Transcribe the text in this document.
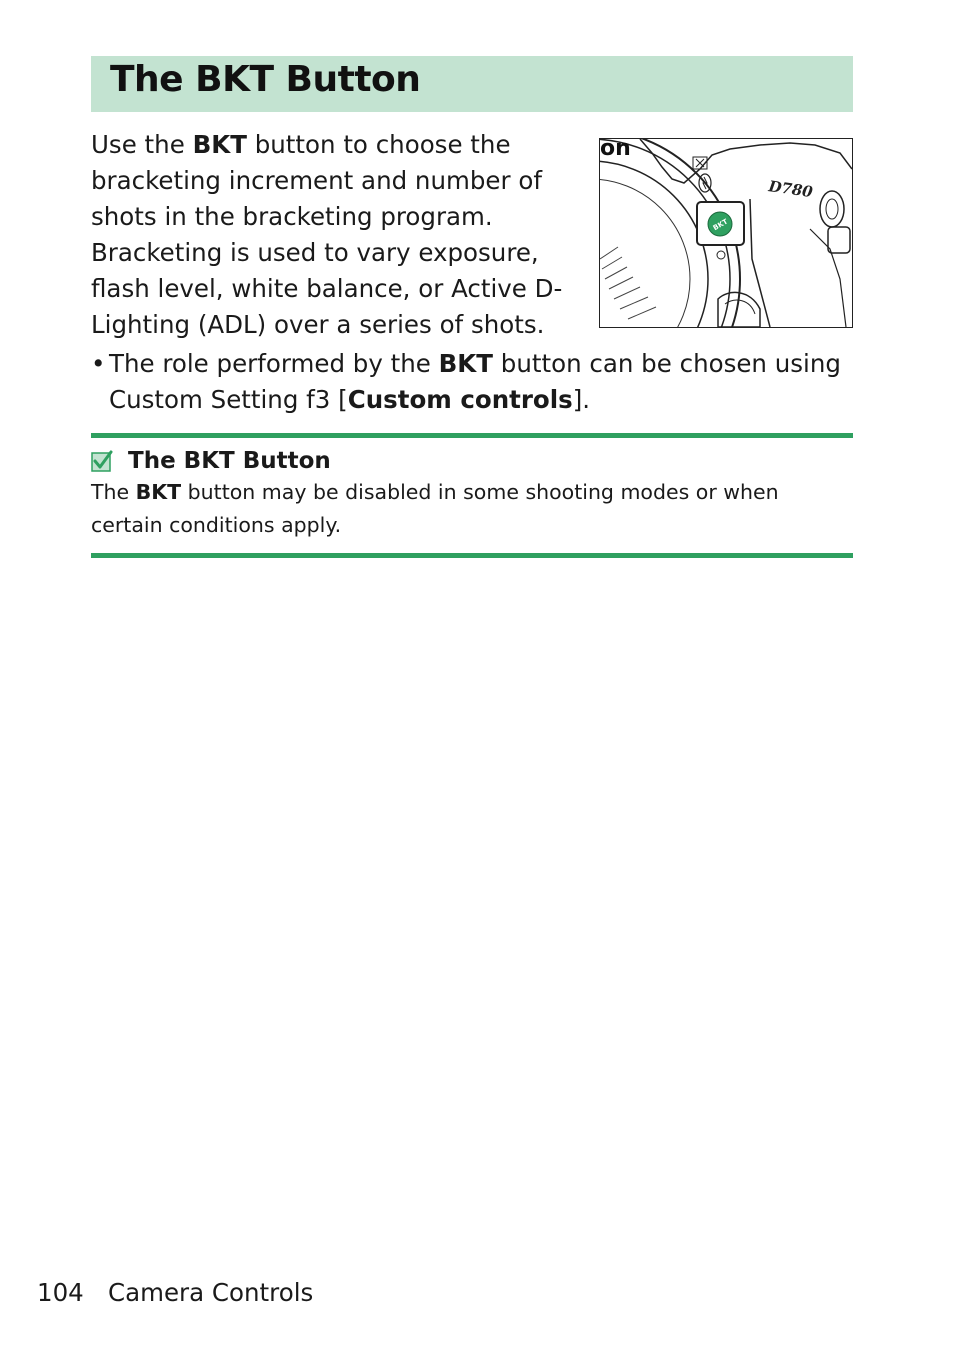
The BKT Button

Use the BKT button to choose the bracketing increment and number of shots in the bracketing program. Bracketing is used to vary exposure, flash level, white balance, or Active D-Lighting (ADL) over a series of shots.

on
D780
BKT
• The role performed by the BKT button can be chosen using Custom Setting f3 [Custom controls].
The BKT Button
The BKT button may be disabled in some shooting modes or when certain conditions apply.
104 Camera Controls
